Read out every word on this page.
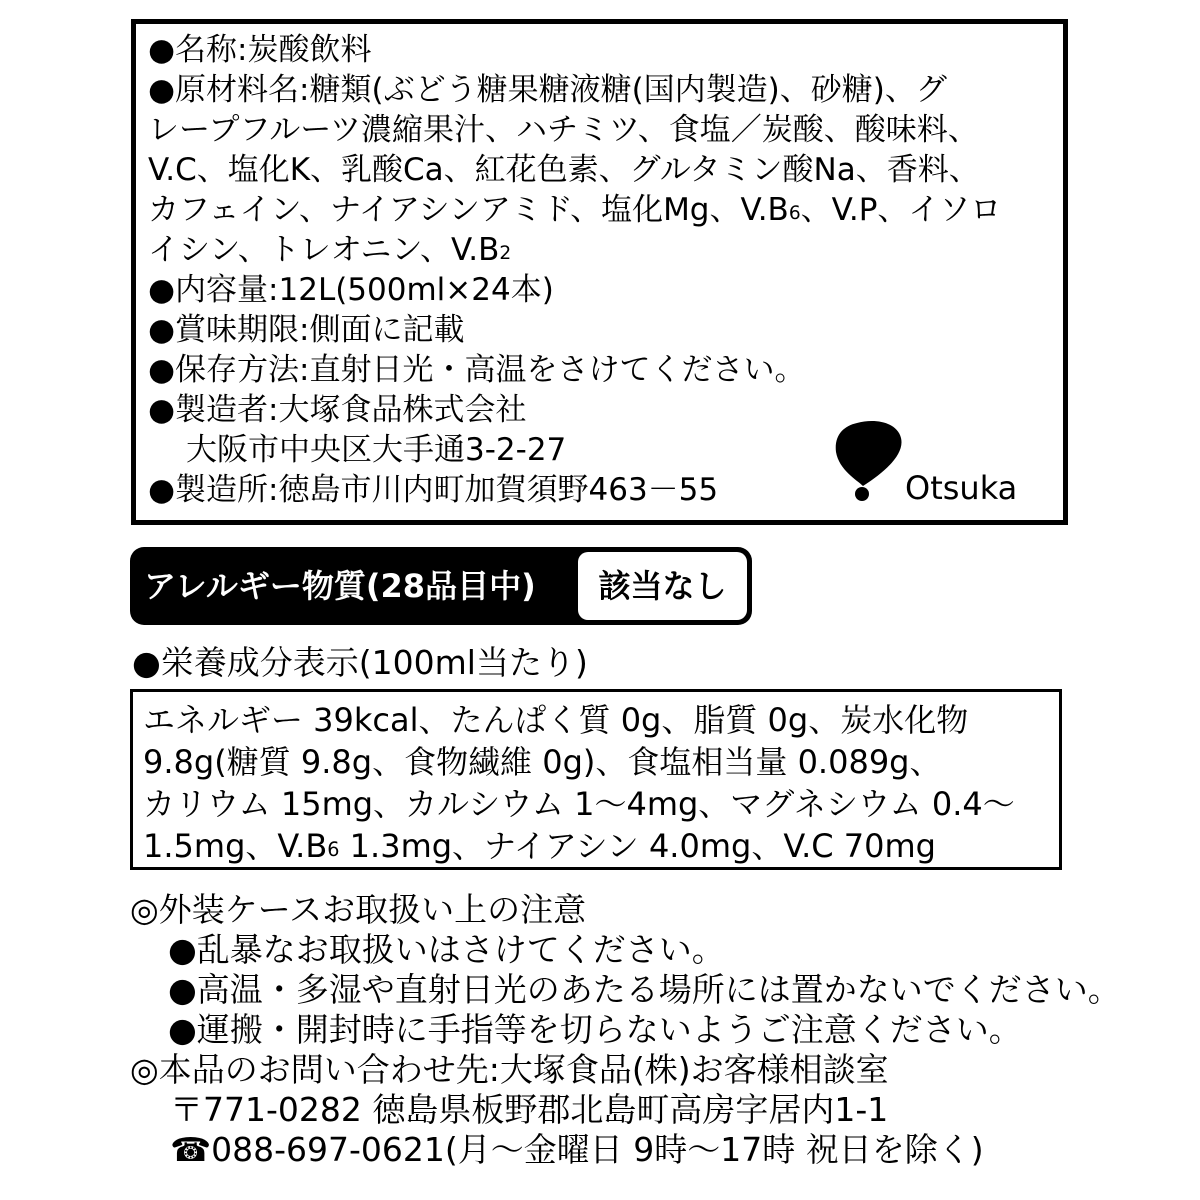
●名称:炭酸飲料
●原材料名:糖類(ぶどう糖果糖液糖(国内製造)、砂糖)、グ
レープフルーツ濃縮果汁、ハチミツ、食塩／炭酸、酸味料、
V.C、塩化K、乳酸Ca、紅花色素、グルタミン酸Na、香料、
カフェイン、ナイアシンアミド、塩化Mg、V.B6、V.P、イソロ
イシン、トレオニン、V.B2
●内容量:12L(500ml×24本)
●賞味期限:側面に記載
●保存方法:直射日光・高温をさけてください。
●製造者:大塚食品株式会社
大阪市中央区大手通3-2-27
●製造所:徳島市川内町加賀須野463－55	Otsuka
アレルギー物質(28品目中)	該当なし
●栄養成分表示(100ml当たり)
エネルギー 39kcal、たんぱく質 0g、脂質 0g、炭水化物
9.8g(糖質 9.8g、食物繊維 0g)、食塩相当量 0.089g、
カリウム 15mg、カルシウム 1～4mg、マグネシウム 0.4～
1.5mg、V.B6 1.3mg、ナイアシン 4.0mg、V.C 70mg
◎外装ケースお取扱い上の注意
●乱暴なお取扱いはさけてください。
●高温・多湿や直射日光のあたる場所には置かないでください。
●運搬・開封時に手指等を切らないようご注意ください。
◎本品のお問い合わせ先:大塚食品(株)お客様相談室
〒771-0282 徳島県板野郡北島町高房字居内1-1
☎088-697-0621(月～金曜日 9時～17時 祝日を除く)
